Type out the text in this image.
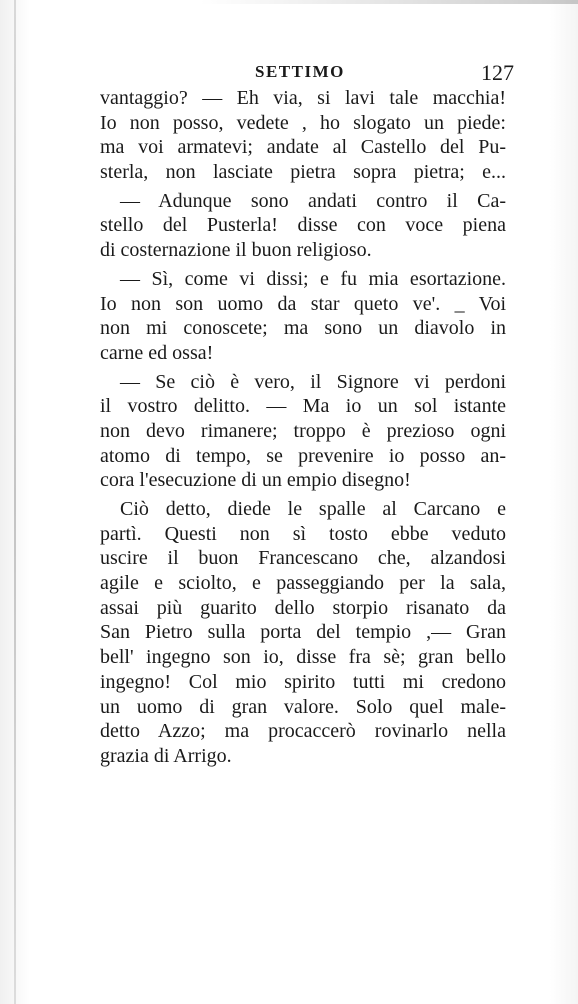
SETTIMO	127
vantaggio? — Eh via, si lavi tale macchia!
Io non posso, vedete , ho slogato un piede:
ma voi armatevi; andate al Castello del Pu-
sterla, non lasciate pietra sopra pietra; e...
— Adunque sono andati contro il Ca-
stello del Pusterla! disse con voce piena
di costernazione il buon religioso.
— Sì, come vi dissi; e fu mia esortazione.
Io non son uomo da star queto ve'. _ Voi
non mi conoscete; ma sono un diavolo in
carne ed ossa!
— Se ciò è vero, il Signore vi perdoni
il vostro delitto. — Ma io un sol istante
non devo rimanere; troppo è prezioso ogni
atomo di tempo, se prevenire io posso an-
cora l'esecuzione di un empio disegno!
Ciò detto, diede le spalle al Carcano e
partì. Questi non sì tosto ebbe veduto
uscire il buon Francescano che, alzandosi
agile e sciolto, e passeggiando per la sala,
assai più guarito dello storpio risanato da
San Pietro sulla porta del tempio ,— Gran
bell' ingegno son io, disse fra sè; gran bello
ingegno! Col mio spirito tutti mi credono
un uomo di gran valore. Solo quel male-
detto Azzo; ma procaccerò rovinarlo nella
grazia di Arrigo.
